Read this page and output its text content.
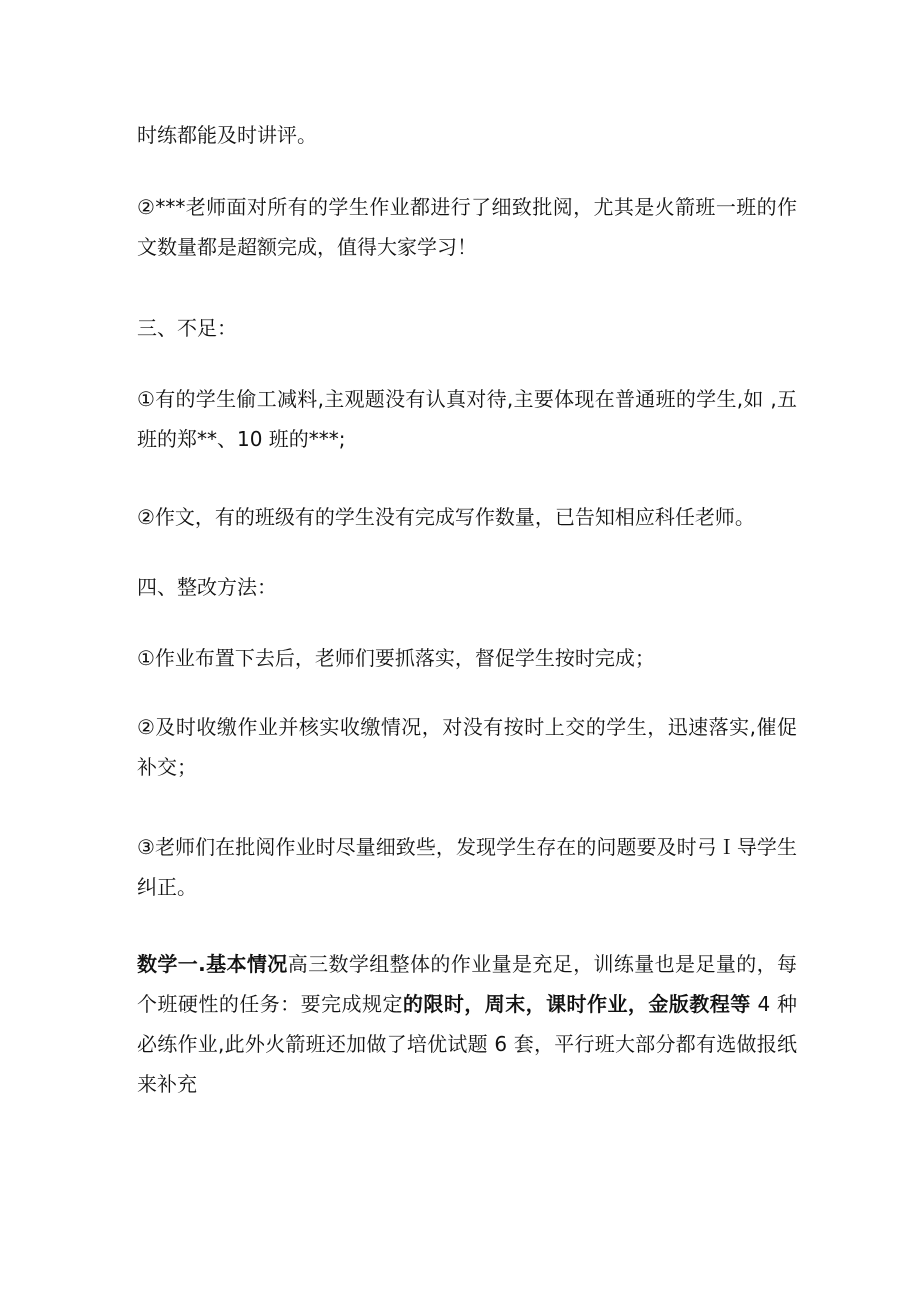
时练都能及时讲评。

②***老师面对所有的学生作业都进行了细致批阅，尤其是火箭班一班的作文数量都是超额完成，值得大家学习！

三、不足：

①有的学生偷工减料,主观题没有认真对待,主要体现在普通班的学生,如 ,五班的郑**、10 班的***;

②作文，有的班级有的学生没有完成写作数量，已告知相应科任老师。

四、整改方法：

①作业布置下去后，老师们要抓落实，督促学生按时完成；

②及时收缴作业并核实收缴情况，对没有按时上交的学生，迅速落实,催促补交；

③老师们在批阅作业时尽量细致些，发现学生存在的问题要及时弓Ｉ导学生纠正。

数学一.基本情况高三数学组整体的作业量是充足，训练量也是足量的，每个班硬性的任务：要完成规定的限时，周末，课时作业，金版教程等 4 种必练作业,此外火箭班还加做了培优试题 6 套，平行班大部分都有选做报纸来补充
